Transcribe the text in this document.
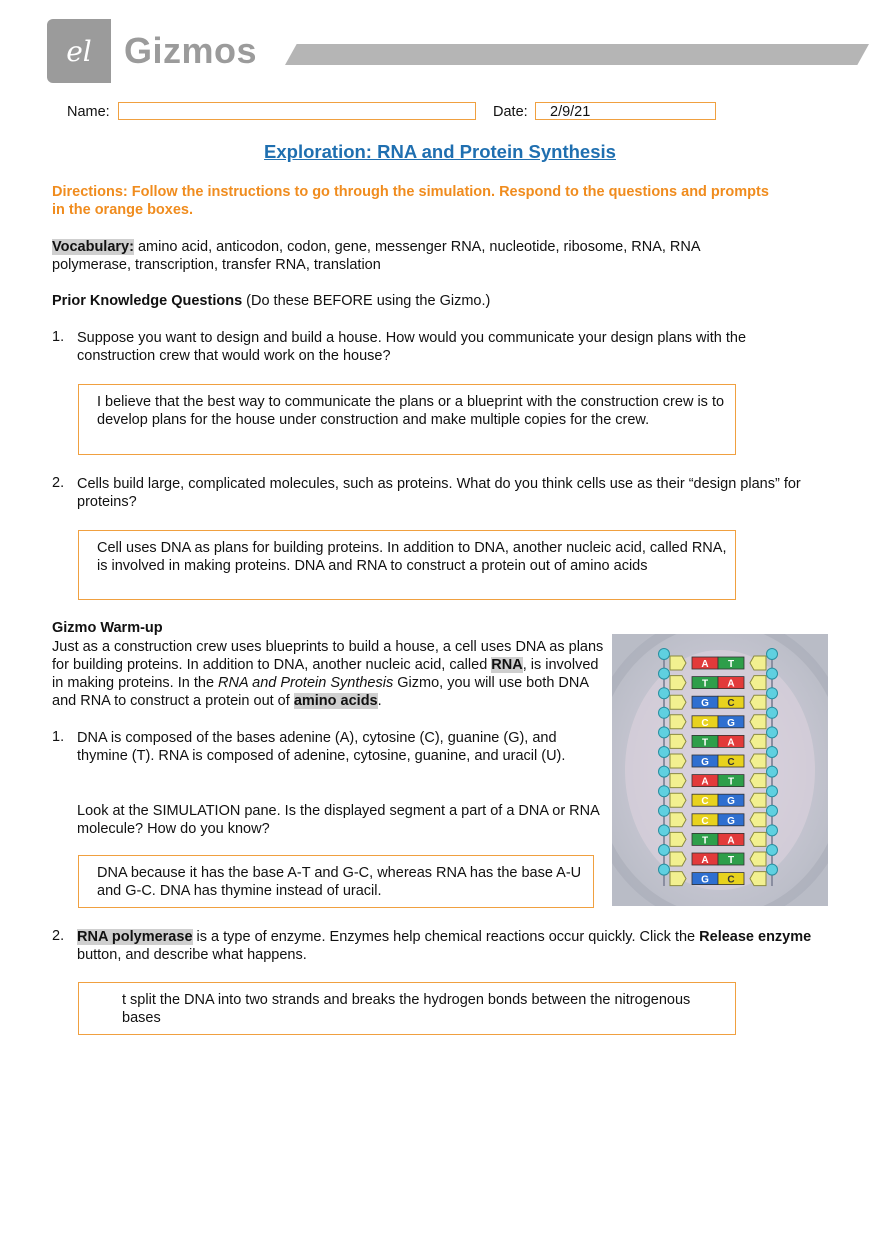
el Gizmos
Name:	Date:	2/9/21
Exploration: RNA and Protein Synthesis
Directions: Follow the instructions to go through the simulation. Respond to the questions and prompts in the orange boxes.
Vocabulary: amino acid, anticodon, codon, gene, messenger RNA, nucleotide, ribosome, RNA, RNA polymerase, transcription, transfer RNA, translation
Prior Knowledge Questions (Do these BEFORE using the Gizmo.)
1. Suppose you want to design and build a house. How would you communicate your design plans with the construction crew that would work on the house?
I believe that the best way to communicate the plans or a blueprint with the construction crew is to develop plans for the house under construction and make multiple copies for the crew.
2. Cells build large, complicated molecules, such as proteins. What do you think cells use as their “design plans” for proteins?
Cell uses DNA as plans for building proteins. In addition to DNA, another nucleic acid, called RNA, is involved in making proteins. DNA and RNA to construct a protein out of amino acids
Gizmo Warm-up
Just as a construction crew uses blueprints to build a house, a cell uses DNA as plans for building proteins. In addition to DNA, another nucleic acid, called RNA, is involved in making proteins. In the RNA and Protein Synthesis Gizmo, you will use both DNA and RNA to construct a protein out of amino acids.
A T
T A
G C
C G
T A
G C
A T
C G
C G
T A
A T
G C
1. DNA is composed of the bases adenine (A), cytosine (C), guanine (G), and thymine (T). RNA is composed of adenine, cytosine, guanine, and uracil (U).
Look at the SIMULATION pane. Is the displayed segment a part of a DNA or RNA molecule? How do you know?
DNA because it has the base A-T and G-C, whereas RNA has the base A-U and G-C. DNA has thymine instead of uracil.
2. RNA polymerase is a type of enzyme. Enzymes help chemical reactions occur quickly. Click the Release enzyme button, and describe what happens.
t split the DNA into two strands and breaks the hydrogen bonds between the nitrogenous bases
